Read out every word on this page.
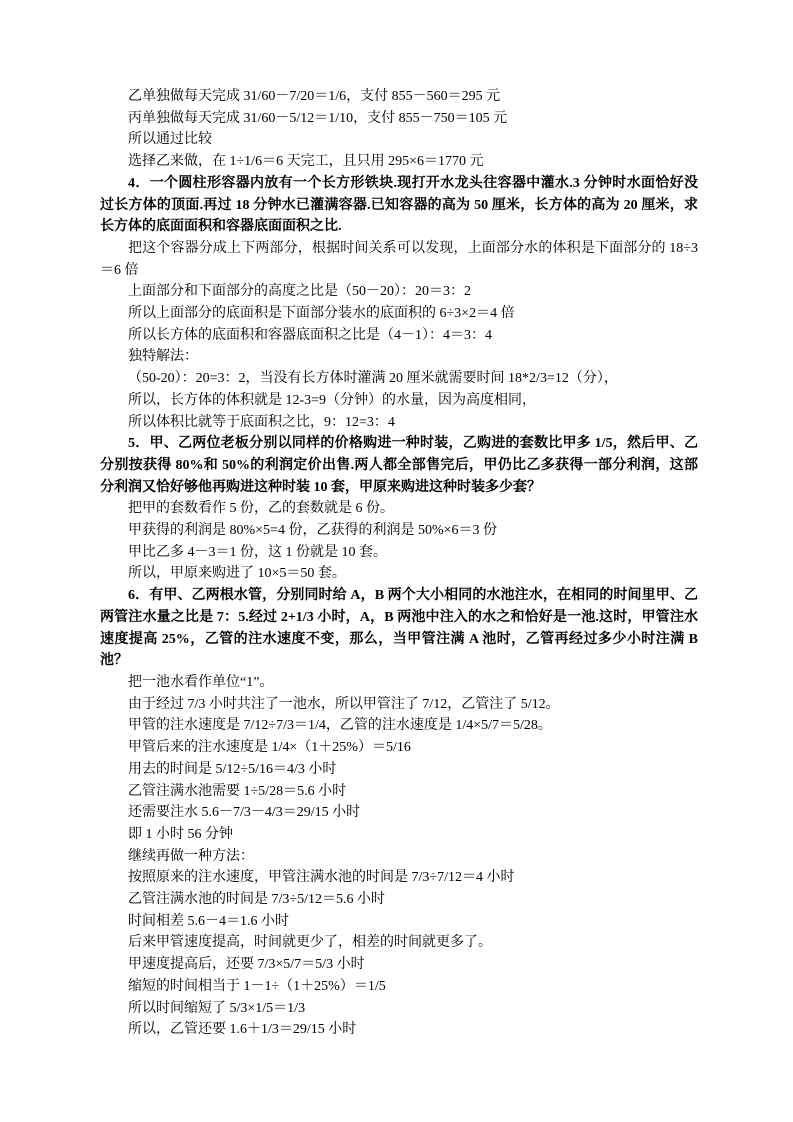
乙单独做每天完成 31/60－7/20＝1/6，支付 855－560＝295 元

丙单独做每天完成 31/60－5/12＝1/10，支付 855－750＝105 元

所以通过比较

选择乙来做，在 1÷1/6＝6 天完工，且只用 295×6＝1770 元

4．一个圆柱形容器内放有一个长方形铁块.现打开水龙头往容器中灌水.3 分钟时水面恰好没过长方体的顶面.再过 18 分钟水已灌满容器.已知容器的高为 50 厘米，长方体的高为 20 厘米，求长方体的底面面积和容器底面面积之比.

把这个容器分成上下两部分，根据时间关系可以发现，上面部分水的体积是下面部分的 18÷3＝6 倍

上面部分和下面部分的高度之比是（50－20）：20＝3：2

所以上面部分的底面积是下面部分装水的底面积的 6÷3×2＝4 倍

所以长方体的底面积和容器底面积之比是（4－1）：4＝3：4

独特解法：

（50-20）：20=3：2，当没有长方体时灌满 20 厘米就需要时间 18*2/3=12（分），

所以，长方体的体积就是 12-3=9（分钟）的水量，因为高度相同，

所以体积比就等于底面积之比，9：12=3：4

5．甲、乙两位老板分别以同样的价格购进一种时装，乙购进的套数比甲多 1/5，然后甲、乙分别按获得 80%和 50%的利润定价出售.两人都全部售完后，甲仍比乙多获得一部分利润，这部分利润又恰好够他再购进这种时装 10 套，甲原来购进这种时装多少套？

把甲的套数看作 5 份，乙的套数就是 6 份。

甲获得的利润是 80%×5=4 份，乙获得的利润是 50%×6＝3 份

甲比乙多 4－3＝1 份，这 1 份就是 10 套。

所以，甲原来购进了 10×5＝50 套。

6．有甲、乙两根水管，分别同时给 A，B 两个大小相同的水池注水，在相同的时间里甲、乙两管注水量之比是 7：5.经过 2+1/3 小时，A，B 两池中注入的水之和恰好是一池.这时，甲管注水速度提高 25%，乙管的注水速度不变，那么，当甲管注满 A 池时，乙管再经过多少小时注满 B 池？

把一池水看作单位“1”。

由于经过 7/3 小时共注了一池水，所以甲管注了 7/12，乙管注了 5/12。

甲管的注水速度是 7/12÷7/3＝1/4，乙管的注水速度是 1/4×5/7＝5/28。

甲管后来的注水速度是 1/4×（1＋25%）＝5/16

用去的时间是 5/12÷5/16＝4/3 小时

乙管注满水池需要 1÷5/28＝5.6 小时

还需要注水 5.6－7/3－4/3＝29/15 小时

即 1 小时 56 分钟

继续再做一种方法：

按照原来的注水速度，甲管注满水池的时间是 7/3÷7/12＝4 小时

乙管注满水池的时间是 7/3÷5/12＝5.6 小时

时间相差 5.6－4＝1.6 小时

后来甲管速度提高，时间就更少了，相差的时间就更多了。

甲速度提高后，还要 7/3×5/7＝5/3 小时

缩短的时间相当于 1－1÷（1＋25%）＝1/5

所以时间缩短了 5/3×1/5＝1/3

所以，乙管还要 1.6＋1/3＝29/15 小时
